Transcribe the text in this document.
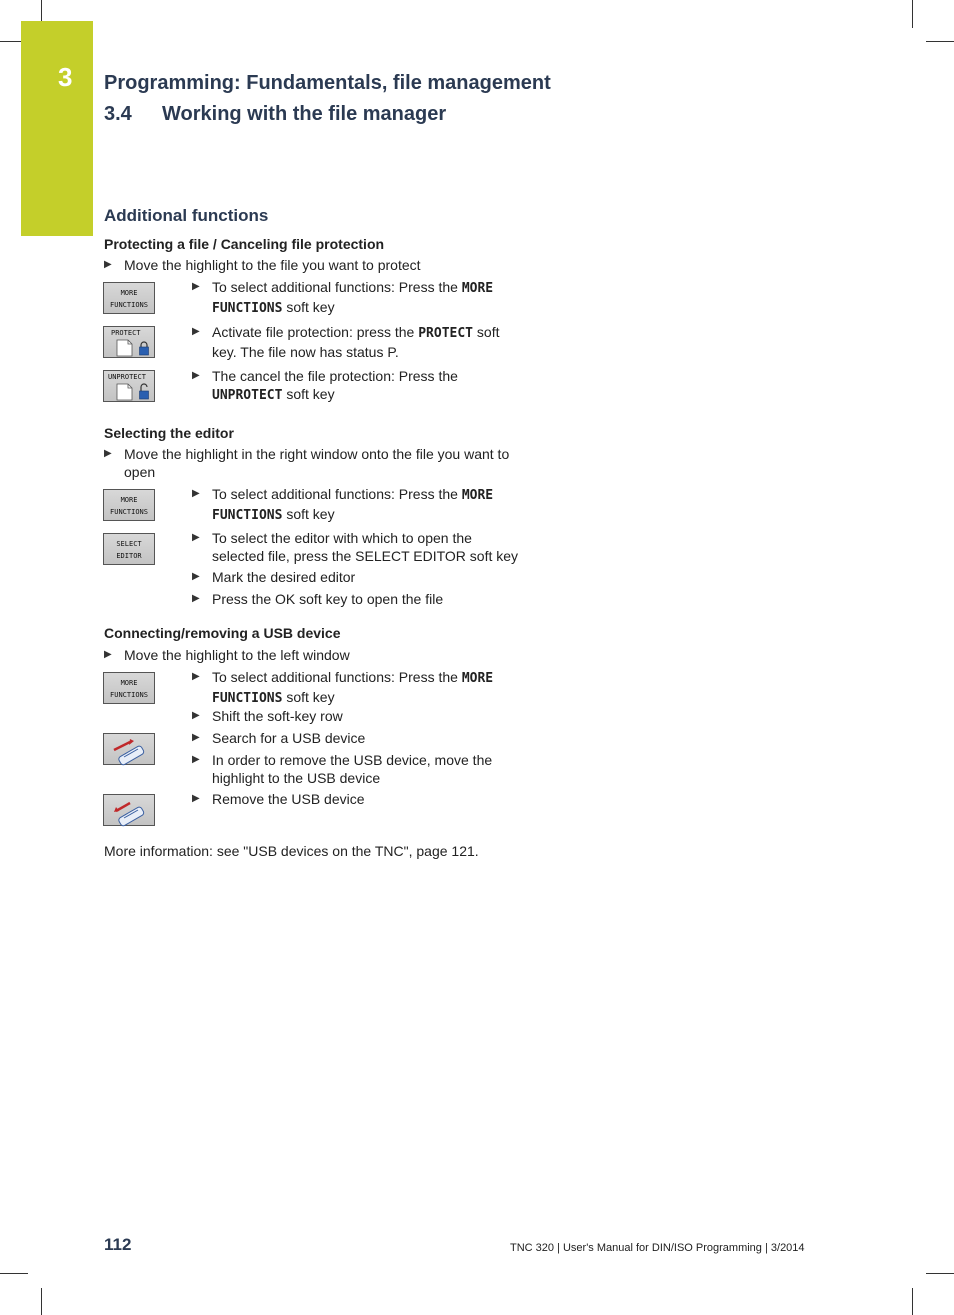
3 Programming: Fundamentals, file management
3.4 Working with the file manager
Additional functions
Protecting a file / Canceling file protection
▶ Move the highlight to the file you want to protect
MORE
FUNCTIONS
▶ To select additional functions: Press the MORE
FUNCTIONS soft key
PROTECT	▶ Activate file protection: press the PROTECT soft
key. The file now has status P.
UNPROTECT	▶ The cancel the file protection: Press the
UNPROTECT soft key
Selecting the editor
▶ Move the highlight in the right window onto the file you want to
open
MORE
FUNCTIONS
▶ To select additional functions: Press the MORE
FUNCTIONS soft key
SELECT
EDITOR
▶ To select the editor with which to open the
selected file, press the SELECT EDITOR soft key
▶ Mark the desired editor
▶ Press the OK soft key to open the file
Connecting/removing a USB device
▶ Move the highlight to the left window
MORE
FUNCTIONS
▶ To select additional functions: Press the MORE
FUNCTIONS soft key
▶ Shift the soft-key row
▶ Search for a USB device
▶ In order to remove the USB device, move the
highlight to the USB device
▶ Remove the USB device
More information: see "USB devices on the TNC", page 121.
112	TNC 320 | User's Manual for DIN/ISO Programming | 3/2014
